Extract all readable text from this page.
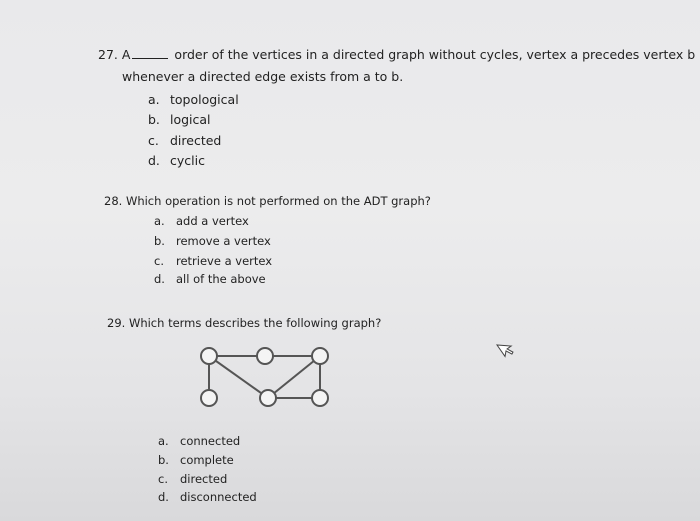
27. A	order of the vertices in a directed graph without cycles, vertex a precedes vertex b
whenever a directed edge exists from a to b.
a. topological
b. logical
c. directed
d. cyclic
28. Which operation is not performed on the ADT graph?
a. add a vertex
b. remove a vertex
c. retrieve a vertex
d. all of the above
29. Which terms describes the following graph?
a. connected
b. complete
c. directed
d. disconnected
